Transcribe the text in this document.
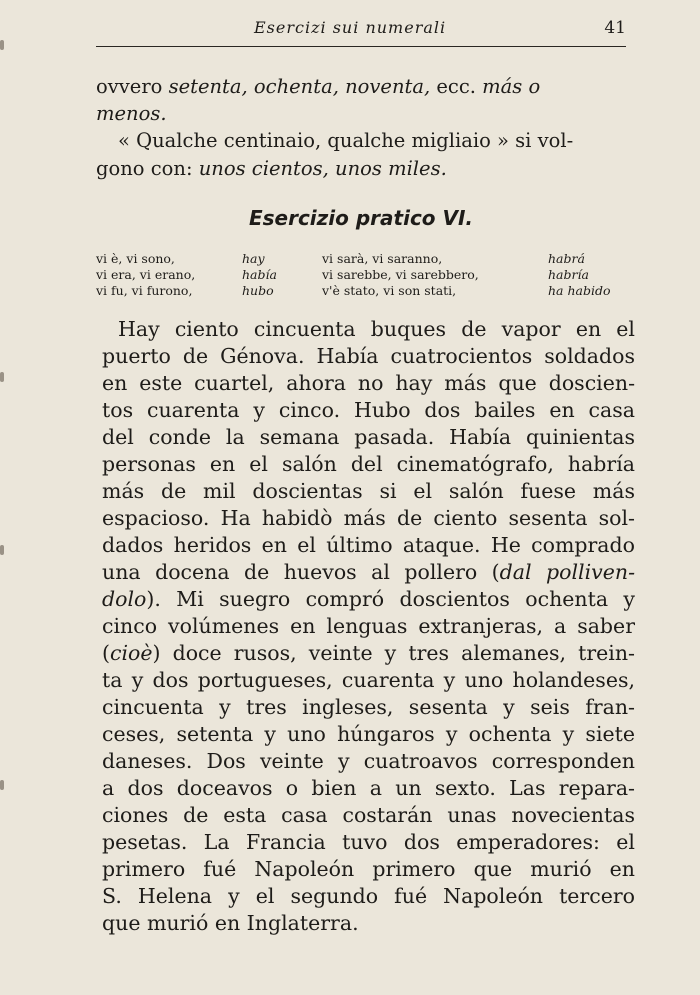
Esercizi sui numerali	41
ovvero setenta, ochenta, noventa, ecc. más o
menos.
« Qualche centinaio, qualche migliaio » si vol-
gono con: unos cientos, unos miles.
Esercizio pratico VI.
vi è, vi sono,
vi era, vi erano,
vi fu, vi furono,
hay
había
hubo
vi sarà, vi saranno,
vi sarebbe, vi sarebbero,
v'è stato, vi son stati,
habrá
habría
ha habido
Hay ciento cincuenta buques de vapor en el
puerto de Génova. Había cuatrocientos soldados
en este cuartel, ahora no hay más que doscien-
tos cuarenta y cinco. Hubo dos bailes en casa
del conde la semana pasada. Había quinientas
personas en el salón del cinematógrafo, habría
más de mil doscientas si el salón fuese más
espacioso. Ha habidò más de ciento sesenta sol-
dados heridos en el último ataque. He comprado
una docena de huevos al pollero (dal polliven-
dolo). Mi suegro compró doscientos ochenta y
cinco volúmenes en lenguas extranjeras, a saber
(cioè) doce rusos, veinte y tres alemanes, trein-
ta y dos portugueses, cuarenta y uno holandeses,
cincuenta y tres ingleses, sesenta y seis fran-
ceses, setenta y uno húngaros y ochenta y siete
daneses. Dos veinte y cuatroavos corresponden
a dos doceavos o bien a un sexto. Las repara-
ciones de esta casa costarán unas novecientas
pesetas. La Francia tuvo dos emperadores: el
primero fué Napoleón primero que murió en
S. Helena y el segundo fué Napoleón tercero
que murió en Inglaterra.
